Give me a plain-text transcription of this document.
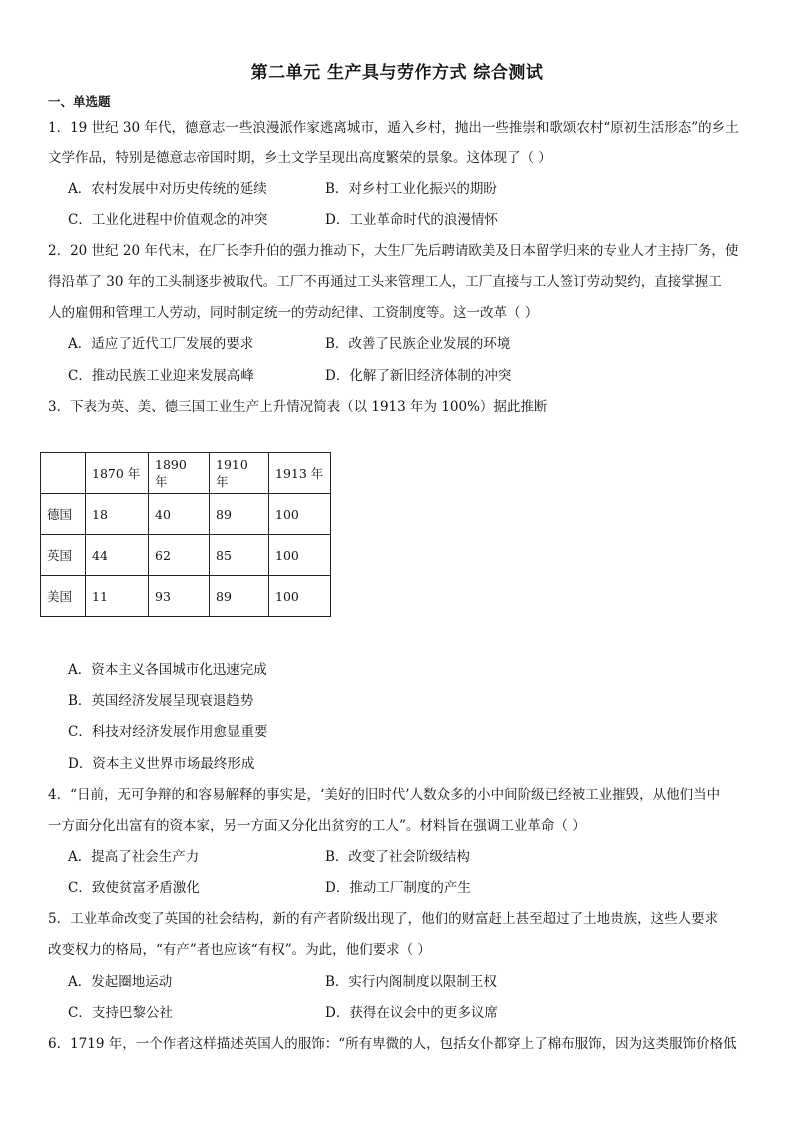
第二单元 生产具与劳作方式 综合测试
一、单选题
1．19 世纪 30 年代，德意志一些浪漫派作家逃离城市，遁入乡村，抛出一些推崇和歌颂农村“原初生活形态”的乡土
文学作品，特别是德意志帝国时期，乡土文学呈现出高度繁荣的景象。这体现了（ ）
A．农村发展中对历史传统的延续	B．对乡村工业化振兴的期盼
C．工业化进程中价值观念的冲突	D．工业革命时代的浪漫情怀
2．20 世纪 20 年代末，在厂长李升伯的强力推动下，大生厂先后聘请欧美及日本留学归来的专业人才主持厂务，使
得沿革了 30 年的工头制逐步被取代。工厂不再通过工头来管理工人，工厂直接与工人签订劳动契约，直接掌握工
人的雇佣和管理工人劳动，同时制定统一的劳动纪律、工资制度等。这一改革（ ）
A．适应了近代工厂发展的要求	B．改善了民族企业发展的环境
C．推动民族工业迎来发展高峰	D．化解了新旧经济体制的冲突
3．下表为英、美、德三国工业生产上升情况简表（以 1913 年为 100%）据此推断
	1870 年	1890 年	1910 年	1913 年
德国	18	40	89	100
英国	44	62	85	100
美国	11	93	89	100
A．资本主义各国城市化迅速完成
B．英国经济发展呈现衰退趋势
C．科技对经济发展作用愈显重要
D．资本主义世界市场最终形成
4．“日前，无可争辩的和容易解释的事实是，‘美好的旧时代’人数众多的小中间阶级已经被工业摧毁，从他们当中
一方面分化出富有的资本家，另一方面又分化出贫穷的工人”。材料旨在强调工业革命（ ）
A．提高了社会生产力	B．改变了社会阶级结构
C．致使贫富矛盾激化	D．推动工厂制度的产生
5．工业革命改变了英国的社会结构，新的有产者阶级出现了，他们的财富赶上甚至超过了土地贵族，这些人要求
改变权力的格局，“有产”者也应该“有权”。为此，他们要求（ ）
A．发起圈地运动	B．实行内阁制度以限制王权
C．支持巴黎公社	D．获得在议会中的更多议席
6．1719 年，一个作者这样描述英国人的服饰：“所有卑微的人，包括女仆都穿上了棉布服饰，因为这类服饰价格低
